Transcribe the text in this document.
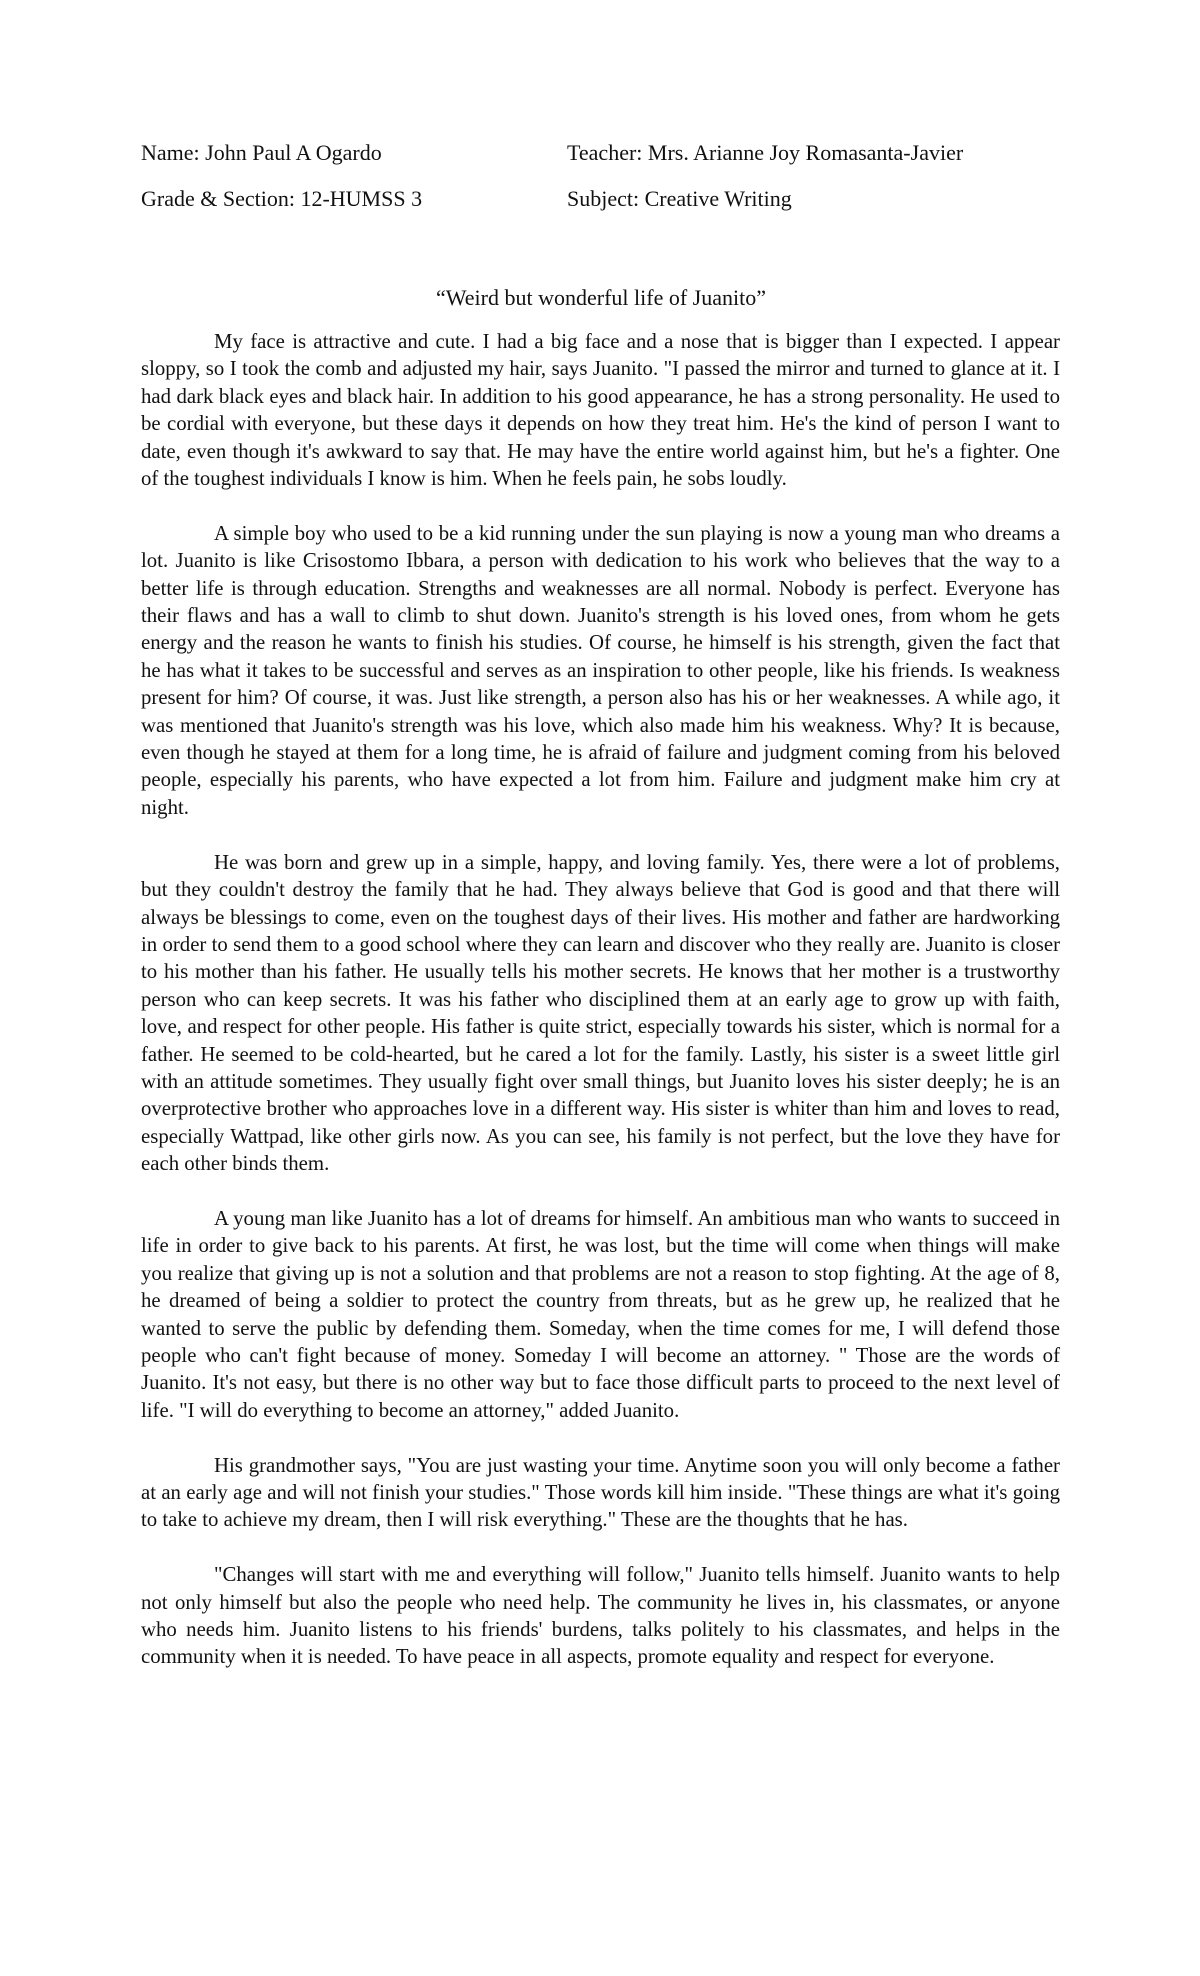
Name: John Paul A Ogardo	Teacher: Mrs. Arianne Joy Romasanta-Javier
Grade & Section: 12-HUMSS 3	Subject: Creative Writing
“Weird but wonderful life of Juanito”

My face is attractive and cute. I had a big face and a nose that is bigger than I expected. I appear sloppy, so I took the comb and adjusted my hair, says Juanito. "I passed the mirror and turned to glance at it. I had dark black eyes and black hair. In addition to his good appearance, he has a strong personality. He used to be cordial with everyone, but these days it depends on how they treat him. He's the kind of person I want to date, even though it's awkward to say that. He may have the entire world against him, but he's a fighter. One of the toughest individuals I know is him. When he feels pain, he sobs loudly.

A simple boy who used to be a kid running under the sun playing is now a young man who dreams a lot. Juanito is like Crisostomo Ibbara, a person with dedication to his work who believes that the way to a better life is through education. Strengths and weaknesses are all normal. Nobody is perfect. Everyone has their flaws and has a wall to climb to shut down. Juanito's strength is his loved ones, from whom he gets energy and the reason he wants to finish his studies. Of course, he himself is his strength, given the fact that he has what it takes to be successful and serves as an inspiration to other people, like his friends. Is weakness present for him? Of course, it was. Just like strength, a person also has his or her weaknesses. A while ago, it was mentioned that Juanito's strength was his love, which also made him his weakness. Why? It is because, even though he stayed at them for a long time, he is afraid of failure and judgment coming from his beloved people, especially his parents, who have expected a lot from him. Failure and judgment make him cry at night.

He was born and grew up in a simple, happy, and loving family. Yes, there were a lot of problems, but they couldn't destroy the family that he had. They always believe that God is good and that there will always be blessings to come, even on the toughest days of their lives. His mother and father are hardworking in order to send them to a good school where they can learn and discover who they really are. Juanito is closer to his mother than his father. He usually tells his mother secrets. He knows that her mother is a trustworthy person who can keep secrets. It was his father who disciplined them at an early age to grow up with faith, love, and respect for other people. His father is quite strict, especially towards his sister, which is normal for a father. He seemed to be cold-hearted, but he cared a lot for the family. Lastly, his sister is a sweet little girl with an attitude sometimes. They usually fight over small things, but Juanito loves his sister deeply; he is an overprotective brother who approaches love in a different way. His sister is whiter than him and loves to read, especially Wattpad, like other girls now. As you can see, his family is not perfect, but the love they have for each other binds them.

A young man like Juanito has a lot of dreams for himself. An ambitious man who wants to succeed in life in order to give back to his parents. At first, he was lost, but the time will come when things will make you realize that giving up is not a solution and that problems are not a reason to stop fighting. At the age of 8, he dreamed of being a soldier to protect the country from threats, but as he grew up, he realized that he wanted to serve the public by defending them. Someday, when the time comes for me, I will defend those people who can't fight because of money. Someday I will become an attorney. " Those are the words of Juanito. It's not easy, but there is no other way but to face those difficult parts to proceed to the next level of life. "I will do everything to become an attorney," added Juanito.

His grandmother says, "You are just wasting your time. Anytime soon you will only become a father at an early age and will not finish your studies." Those words kill him inside. "These things are what it's going to take to achieve my dream, then I will risk everything." These are the thoughts that he has.

"Changes will start with me and everything will follow," Juanito tells himself. Juanito wants to help not only himself but also the people who need help. The community he lives in, his classmates, or anyone who needs him. Juanito listens to his friends' burdens, talks politely to his classmates, and helps in the community when it is needed. To have peace in all aspects, promote equality and respect for everyone.
